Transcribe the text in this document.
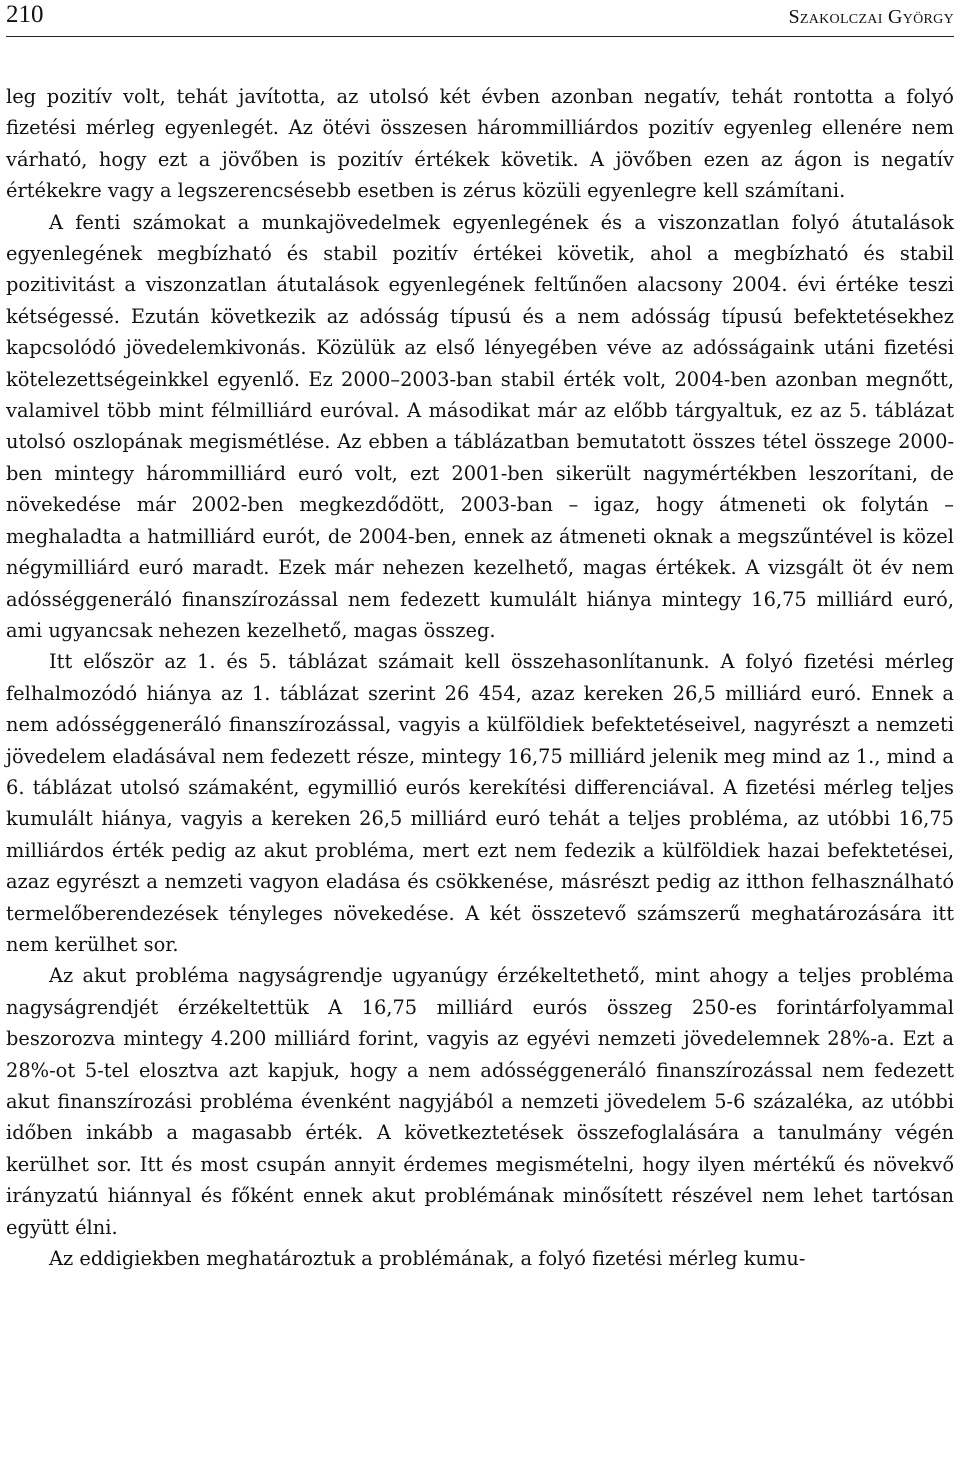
210	Szakolczai György

leg pozitív volt, tehát javította, az utolsó két évben azonban negatív, tehát rontotta a folyó fizetési mérleg egyenlegét. Az ötévi összesen hárommilliárdos pozitív egyenleg ellenére nem várható, hogy ezt a jövőben is pozitív értékek követik. A jövőben ezen az ágon is negatív értékekre vagy a legszerencsésebb esetben is zérus közüli egyenlegre kell számítani.

A fenti számokat a munkajövedelmek egyenlegének és a viszonzatlan folyó átutalások egyenlegének megbízható és stabil pozitív értékei követik, ahol a megbízható és stabil pozitivitást a viszonzatlan átutalások egyenlegének feltűnően alacsony 2004. évi értéke teszi kétségessé. Ezután következik az adósság típusú és a nem adósság típusú befektetésekhez kapcsolódó jövedelemkivonás. Közülük az első lényegében véve az adósságaink utáni fizetési kötelezettségeinkkel egyenlő. Ez 2000–2003-ban stabil érték volt, 2004-ben azonban megnőtt, valamivel több mint félmilliárd euróval. A másodikat már az előbb tárgyaltuk, ez az 5. táblázat utolsó oszlopának megismétlése. Az ebben a táblázatban bemutatott összes tétel összege 2000-ben mintegy hárommilliárd euró volt, ezt 2001-ben sikerült nagymértékben leszorítani, de növekedése már 2002-ben megkezdődött, 2003-ban – igaz, hogy átmeneti ok folytán – meghaladta a hatmilliárd eurót, de 2004-ben, ennek az átmeneti oknak a megszűntével is közel négymilliárd euró maradt. Ezek már nehezen kezelhető, magas értékek. A vizsgált öt év nem adósséggeneráló finanszírozással nem fedezett kumulált hiánya mintegy 16,75 milliárd euró, ami ugyancsak nehezen kezelhető, magas összeg.

Itt először az 1. és 5. táblázat számait kell összehasonlítanunk. A folyó fizetési mérleg felhalmozódó hiánya az 1. táblázat szerint 26 454, azaz kereken 26,5 milliárd euró. Ennek a nem adósséggeneráló finanszírozással, vagyis a külföldiek befektetéseivel, nagyrészt a nemzeti jövedelem eladásával nem fedezett része, mintegy 16,75 milliárd jelenik meg mind az 1., mind a 6. táblázat utolsó számaként, egymillió eurós kerekítési differenciával. A fizetési mérleg teljes kumulált hiánya, vagyis a kereken 26,5 milliárd euró tehát a teljes probléma, az utóbbi 16,75 milliárdos érték pedig az akut probléma, mert ezt nem fedezik a külföldiek hazai befektetései, azaz egyrészt a nemzeti vagyon eladása és csökkenése, másrészt pedig az itthon felhasználható termelőberendezések tényleges növekedése. A két összetevő számszerű meghatározására itt nem kerülhet sor.

Az akut probléma nagyságrendje ugyanúgy érzékeltethető, mint ahogy a teljes probléma nagyságrendjét érzékeltettük A 16,75 milliárd eurós összeg 250-es forintárfolyammal beszorozva mintegy 4.200 milliárd forint, vagyis az egyévi nemzeti jövedelemnek 28%-a. Ezt a 28%-ot 5-tel elosztva azt kapjuk, hogy a nem adósséggeneráló finanszírozással nem fedezett akut finanszírozási probléma évenként nagyjából a nemzeti jövedelem 5-6 százaléka, az utóbbi időben inkább a magasabb érték. A következtetések összefoglalására a tanulmány végén kerülhet sor. Itt és most csupán annyit érdemes megismételni, hogy ilyen mértékű és növekvő irányzatú hiánnyal és főként ennek akut problémának minősített részével nem lehet tartósan együtt élni.

Az eddigiekben meghatároztuk a problémának, a folyó fizetési mérleg kumu-
